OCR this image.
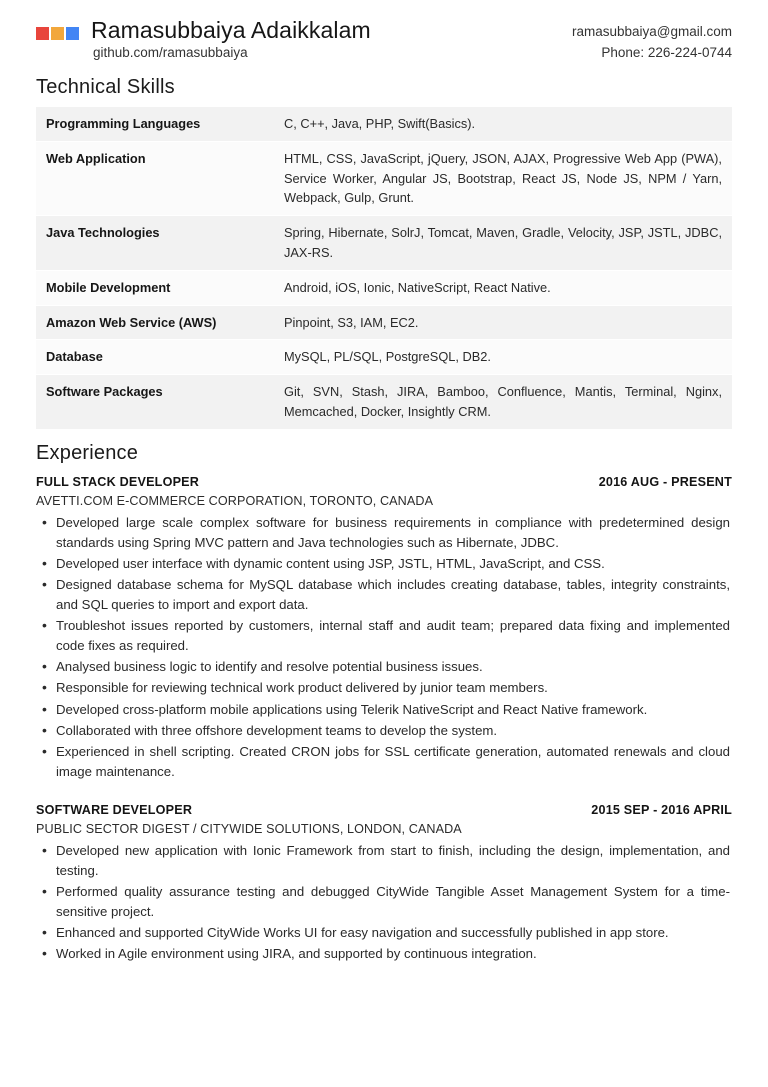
Ramasubbaiya Adaikkalam
github.com/ramasubbaiya
ramasubbaiya@gmail.com
Phone: 226-224-0744
Technical Skills
Programming Languages	C, C++, Java, PHP, Swift(Basics).
Web Application	HTML, CSS, JavaScript, jQuery, JSON, AJAX, Progressive Web App (PWA), Service Worker, Angular JS, Bootstrap, React JS, Node JS, NPM / Yarn, Webpack, Gulp, Grunt.
Java Technologies	Spring, Hibernate, SolrJ, Tomcat, Maven, Gradle, Velocity, JSP, JSTL, JDBC, JAX-RS.
Mobile Development	Android, iOS, Ionic, NativeScript, React Native.
Amazon Web Service (AWS)	Pinpoint, S3, IAM, EC2.
Database	MySQL, PL/SQL, PostgreSQL, DB2.
Software Packages	Git, SVN, Stash, JIRA, Bamboo, Confluence, Mantis, Terminal, Nginx, Memcached, Docker, Insightly CRM.
Experience
FULL STACK DEVELOPER	2016 AUG - PRESENT
AVETTI.COM E-COMMERCE CORPORATION, TORONTO, CANADA
• Developed large scale complex software for business requirements in compliance with predetermined design standards using Spring MVC pattern and Java technologies such as Hibernate, JDBC.
• Developed user interface with dynamic content using JSP, JSTL, HTML, JavaScript, and CSS.
• Designed database schema for MySQL database which includes creating database, tables, integrity constraints, and SQL queries to import and export data.
• Troubleshot issues reported by customers, internal staff and audit team; prepared data fixing and implemented code fixes as required.
• Analysed business logic to identify and resolve potential business issues.
• Responsible for reviewing technical work product delivered by junior team members.
• Developed cross-platform mobile applications using Telerik NativeScript and React Native framework.
• Collaborated with three offshore development teams to develop the system.
• Experienced in shell scripting. Created CRON jobs for SSL certificate generation, automated renewals and cloud image maintenance.
SOFTWARE DEVELOPER	2015 SEP - 2016 APRIL
PUBLIC SECTOR DIGEST / CITYWIDE SOLUTIONS, LONDON, CANADA
• Developed new application with Ionic Framework from start to finish, including the design, implementation, and testing.
• Performed quality assurance testing and debugged CityWide Tangible Asset Management System for a time-sensitive project.
• Enhanced and supported CityWide Works UI for easy navigation and successfully published in app store.
• Worked in Agile environment using JIRA, and supported by continuous integration.
